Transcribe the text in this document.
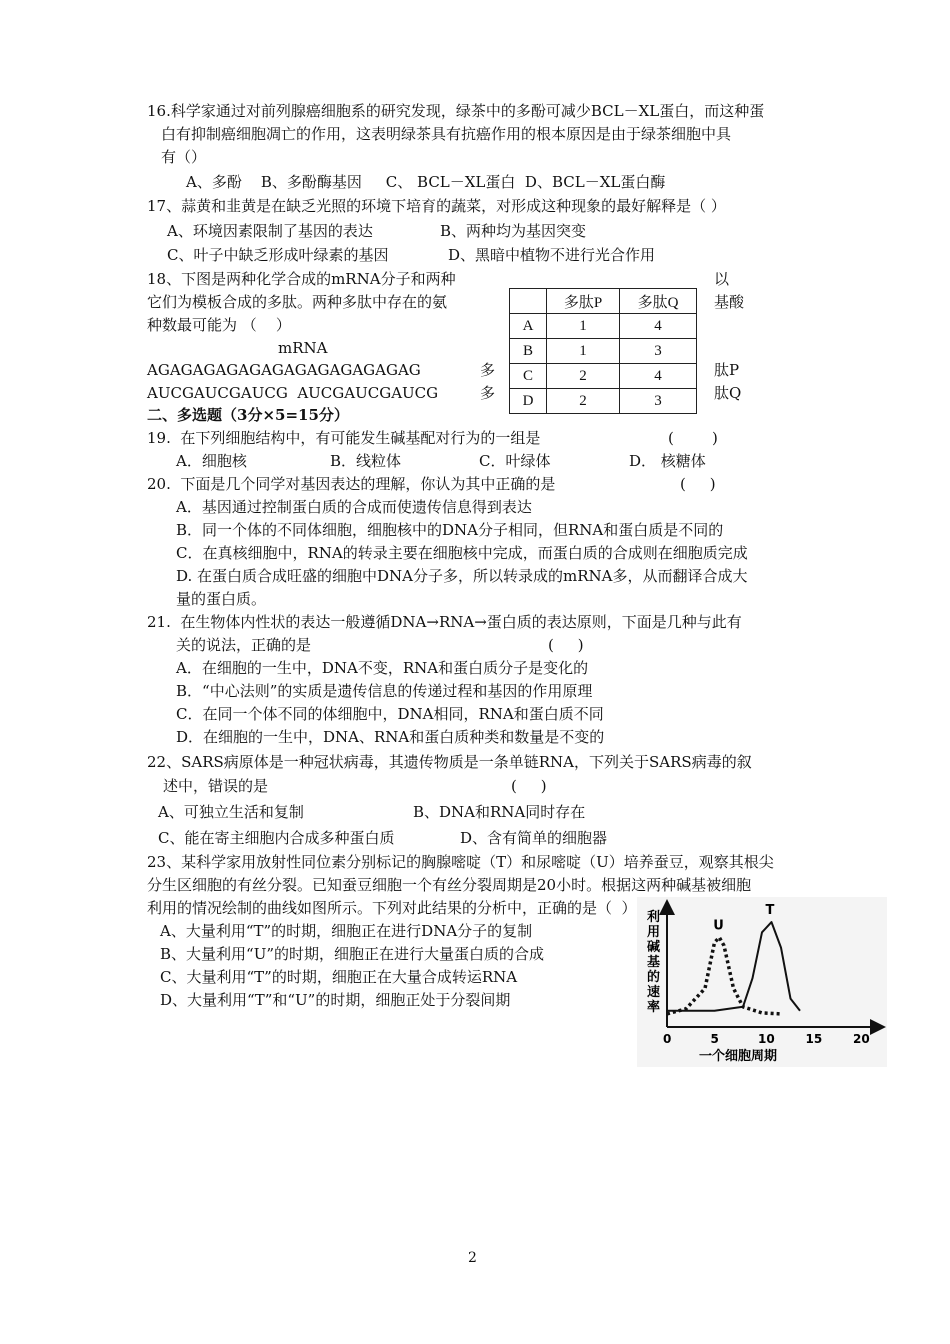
16.科学家通过对前列腺癌细胞系的研究发现，绿茶中的多酚可减少BCL－XL蛋白，而这种蛋
白有抑制癌细胞凋亡的作用，这表明绿茶具有抗癌作用的根本原因是由于绿茶细胞中具
有（）
A、多酚    B、多酚酶基因     C、 BCL－XL蛋白  D、BCL－XL蛋白酶
17、蒜黄和韭黄是在缺乏光照的环境下培育的蔬菜，对形成这种现象的最好解释是（ ）
A、环境因素限制了基因的表达	B、两种均为基因突变
C、叶子中缺乏形成叶绿素的基因	D、黑暗中植物不进行光合作用
18、下图是两种化学合成的mRNA分子和两种	以
它们为模板合成的多肽。两种多肽中存在的氨	基酸
种数最可能为 （    ）
mRNA
AGAGAGAGAGAGAGAGAGAGAGAG	多	肽P
AUCGAUCGAUCG  AUCGAUCGAUCG	多	肽Q
	多肽P	多肽Q
A	1	4
B	1	3
C	2	4
D	2	3
二、多选题（3分×5=15分）
19.  在下列细胞结构中，有可能发生碱基配对行为的一组是	(        )
A．细胞核	B．线粒体	C．叶绿体	D． 核糖体
20.  下面是几个同学对基因表达的理解，你认为其中正确的是	(     )
A．基因通过控制蛋白质的合成而使遗传信息得到表达
B．同一个体的不同体细胞，细胞核中的DNA分子相同，但RNA和蛋白质是不同的
C．在真核细胞中，RNA的转录主要在细胞核中完成，而蛋白质的合成则在细胞质完成
D. 在蛋白质合成旺盛的细胞中DNA分子多，所以转录成的mRNA多，从而翻译合成大
量的蛋白质。
21.  在生物体内性状的表达一般遵循DNA→RNA→蛋白质的表达原则，下面是几种与此有
关的说法，正确的是	(     )
A．在细胞的一生中，DNA不变，RNA和蛋白质分子是变化的
B．“中心法则”的实质是遗传信息的传递过程和基因的作用原理
C．在同一个体不同的体细胞中，DNA相同，RNA和蛋白质不同
D．在细胞的一生中，DNA、RNA和蛋白质种类和数量是不变的
22、SARS病原体是一种冠状病毒，其遗传物质是一条单链RNA，下列关于SARS病毒的叙
述中，错误的是	(     )
A、可独立生活和复制	B、DNA和RNA同时存在
C、能在寄主细胞内合成多种蛋白质	D、含有简单的细胞器
23、某科学家用放射性同位素分别标记的胸腺嘧啶（T）和尿嘧啶（U）培养蚕豆，观察其根尖
分生区细胞的有丝分裂。已知蚕豆细胞一个有丝分裂周期是20小时。根据这两种碱基被细胞
利用的情况绘制的曲线如图所示。下列对此结果的分析中，正确的是（  ）
A、大量利用“T”的时期，细胞正在进行DNA分子的复制
B、大量利用“U”的时期，细胞正在进行大量蛋白质的合成
C、大量利用“T”的时期，细胞正在大量合成转运RNA
D、大量利用“T”和“U”的时期，细胞正处于分裂间期
利用碱基的速率
0	5	10	15	20
U
T
一个细胞周期
2
